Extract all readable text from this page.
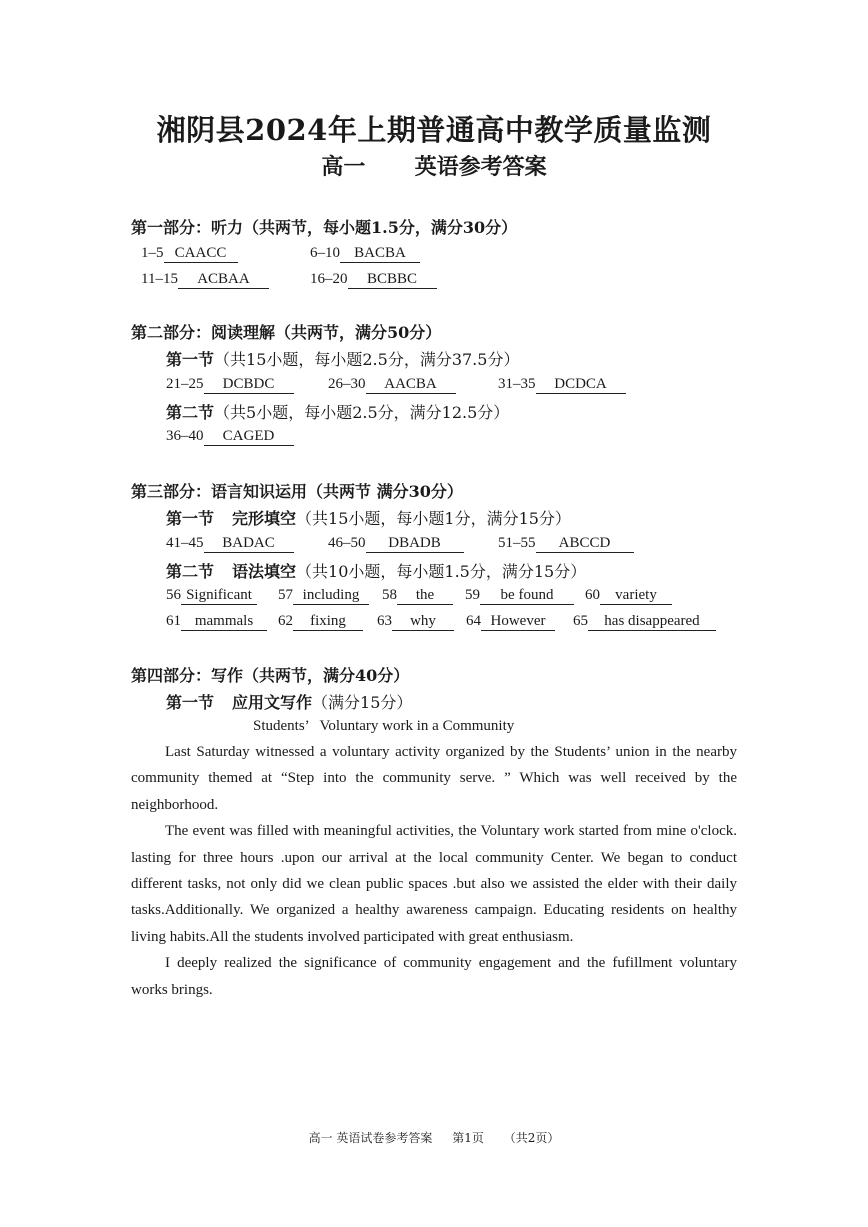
湘阴县2024年上期普通高中教学质量监测
高一 英语参考答案
第一部分：听力（共两节，每小题1.5分，满分30分）
1–5 CAACC	6–10 BACBA
11–15 ACBAA	16–20 BCBBC
第二部分：阅读理解（共两节，满分50分）
第一节（共15小题，每小题2.5分，满分37.5分）
21–25 DCBDC	26–30 AACBA	31–35 DCDCA
第二节（共5小题，每小题2.5分，满分12.5分）
36–40 CAGED
第三部分：语言知识运用（共两节 满分30分）
第一节 完形填空（共15小题，每小题1分，满分15分）
41–45 BADAC	46–50 DBADB	51–55 ABCCD
第二节 语法填空（共10小题，每小题1.5分，满分15分）
56 Significant	57 including	58 the	59 be found	60 variety
61 mammals	62 fixing	63 why	64 However	65 has disappeared
第四部分：写作（共两节，满分40分）
第一节 应用文写作（满分15分）
Students’   Voluntary work in a Community

Last Saturday witnessed a voluntary activity organized by the Students’ union in the nearby community themed at “Step into the community serve. ” Which was well received by the neighborhood.

The event was filled with meaningful activities, the Voluntary work started from mine o'clock. lasting for three hours .upon our arrival at the local community Center. We began to conduct different tasks, not only did we clean public spaces .but also we assisted the elder with their daily tasks.Additionally. We organized a healthy awareness campaign. Educating residents on healthy living habits.All the students involved participated with great enthusiasm.

I deeply realized the significance of community engagement and the fufillment voluntary works brings.

高一 英语试卷参考答案 第1页 （共2页）
